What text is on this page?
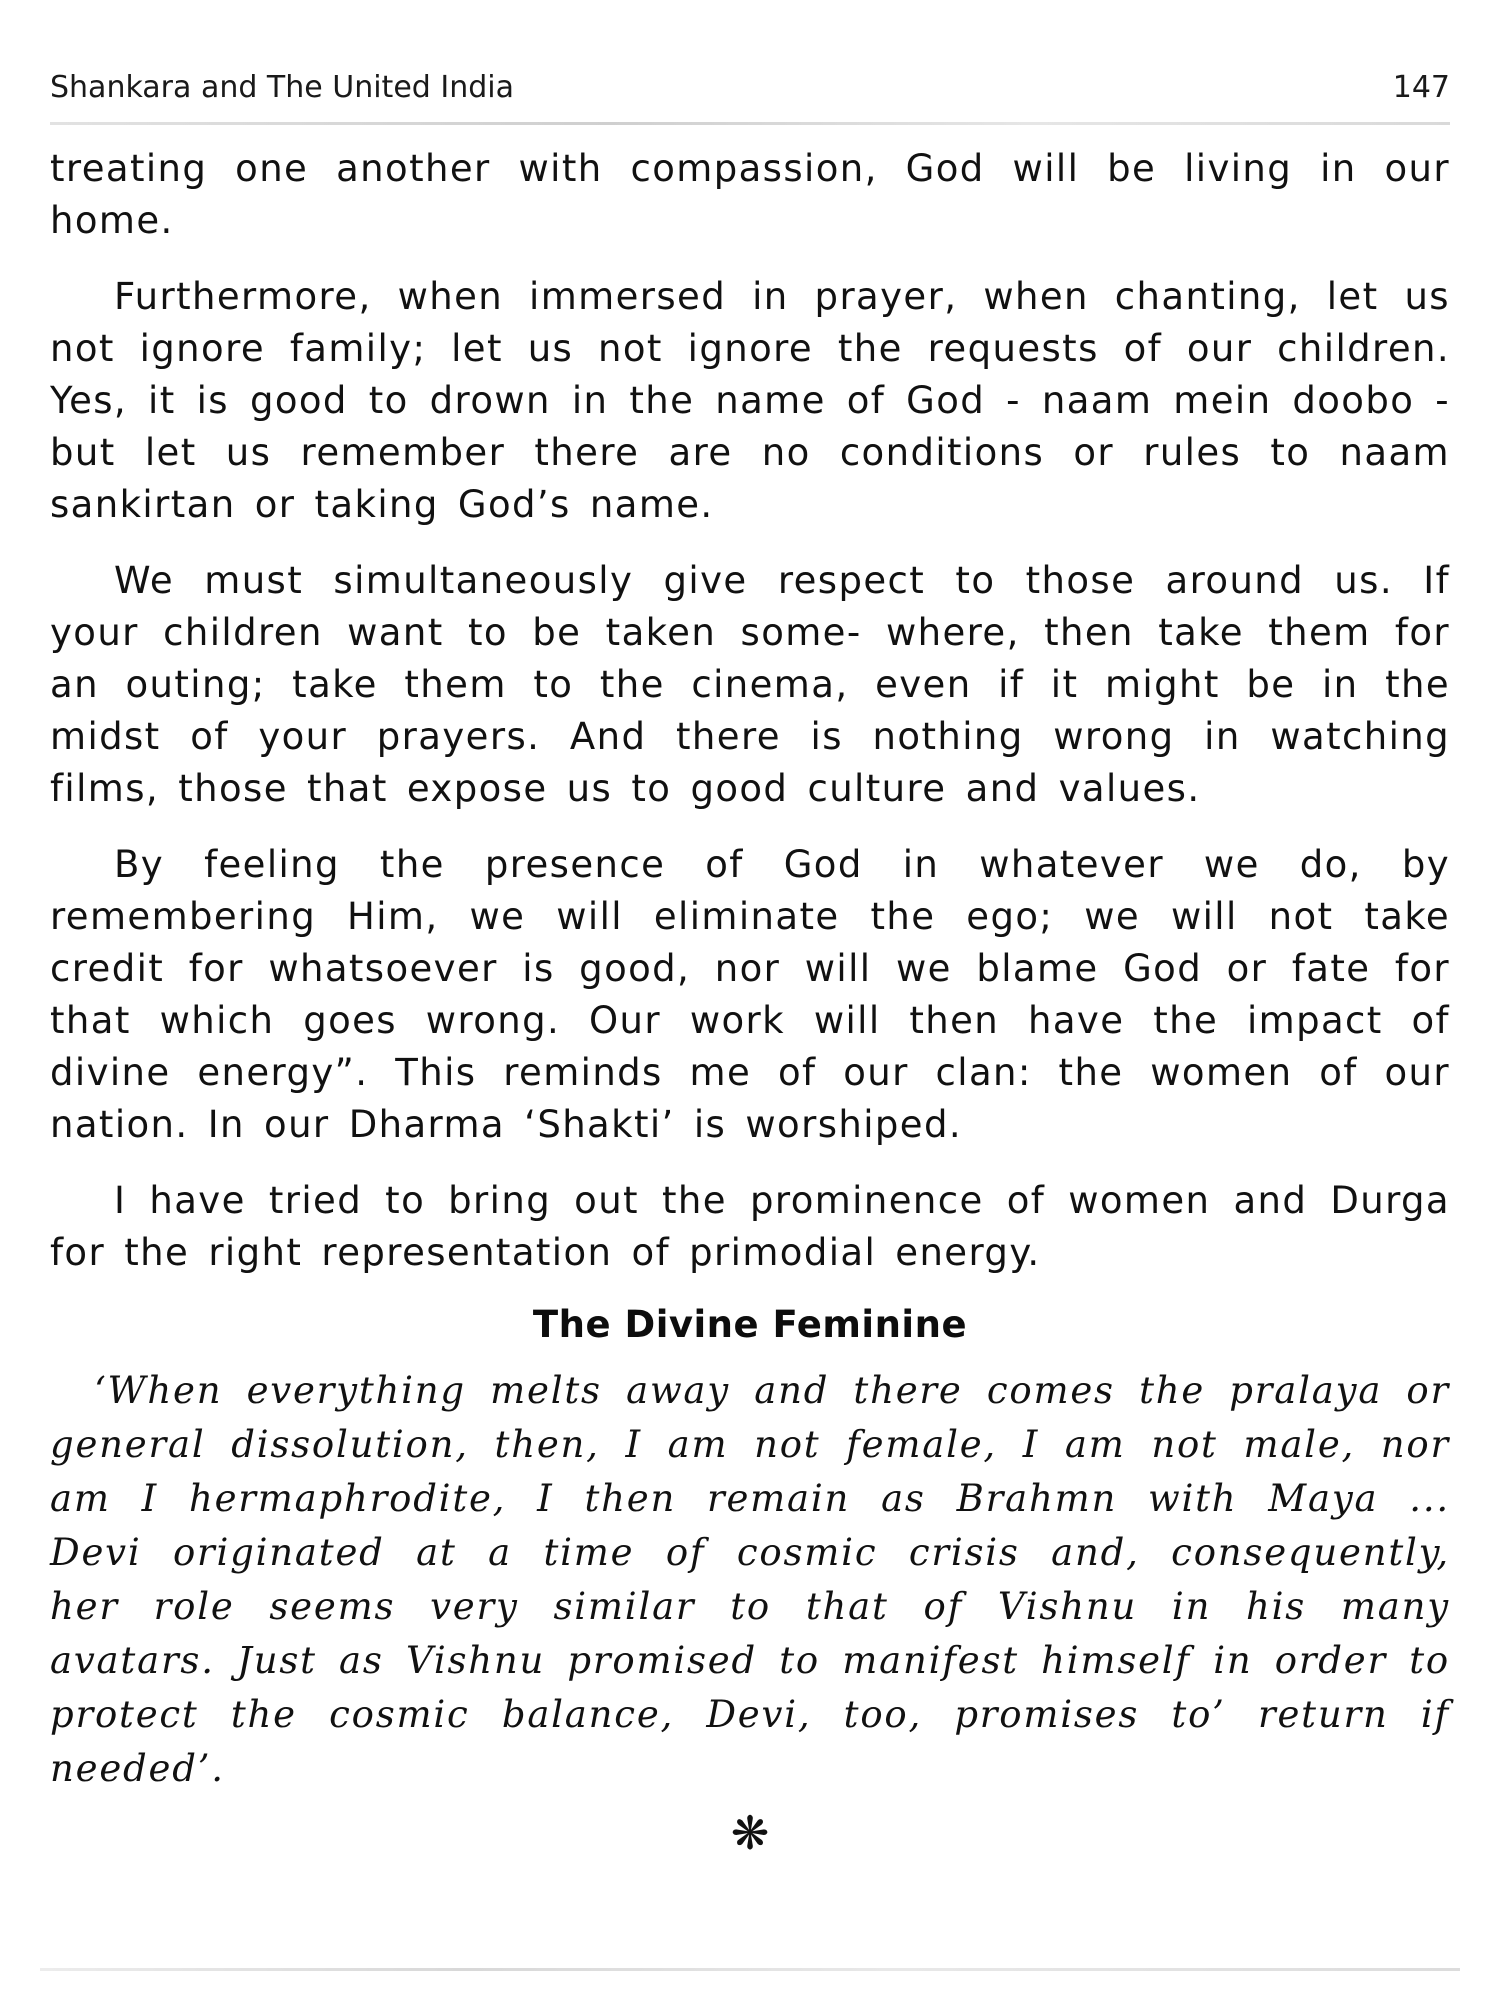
Shankara and The United India	147

treating one another with compassion, God will be living in our home.

Furthermore, when immersed in prayer, when chanting, let us not ignore family; let us not ignore the requests of our children. Yes, it is good to drown in the name of God - naam mein doobo - but let us remember there are no conditions or rules to naam sankirtan or taking God’s name.

We must simultaneously give respect to those around us. If your children want to be taken some- where, then take them for an outing; take them to the cinema, even if it might be in the midst of your prayers. And there is nothing wrong in watching films, those that expose us to good culture and values.

By feeling the presence of God in whatever we do, by remembering Him, we will eliminate the ego; we will not take credit for whatsoever is good, nor will we blame God or fate for that which goes wrong. Our work will then have the impact of divine energy”. This reminds me of our clan: the women of our nation. In our Dharma ‘Shakti’ is worshiped.

I have tried to bring out the prominence of women and Durga for the right representation of primodial energy.

The Divine Feminine

‘When everything melts away and there comes the pralaya or general dissolution, then, I am not female, I am not male, nor am I hermaphrodite, I then remain as Brahmn with Maya ... Devi originated at a time of cosmic crisis and, consequently, her role seems very similar to that of Vishnu in his many avatars. Just as Vishnu promised to manifest himself in order to protect the cosmic balance, Devi, too, promises to’ return if needed’.

❋
